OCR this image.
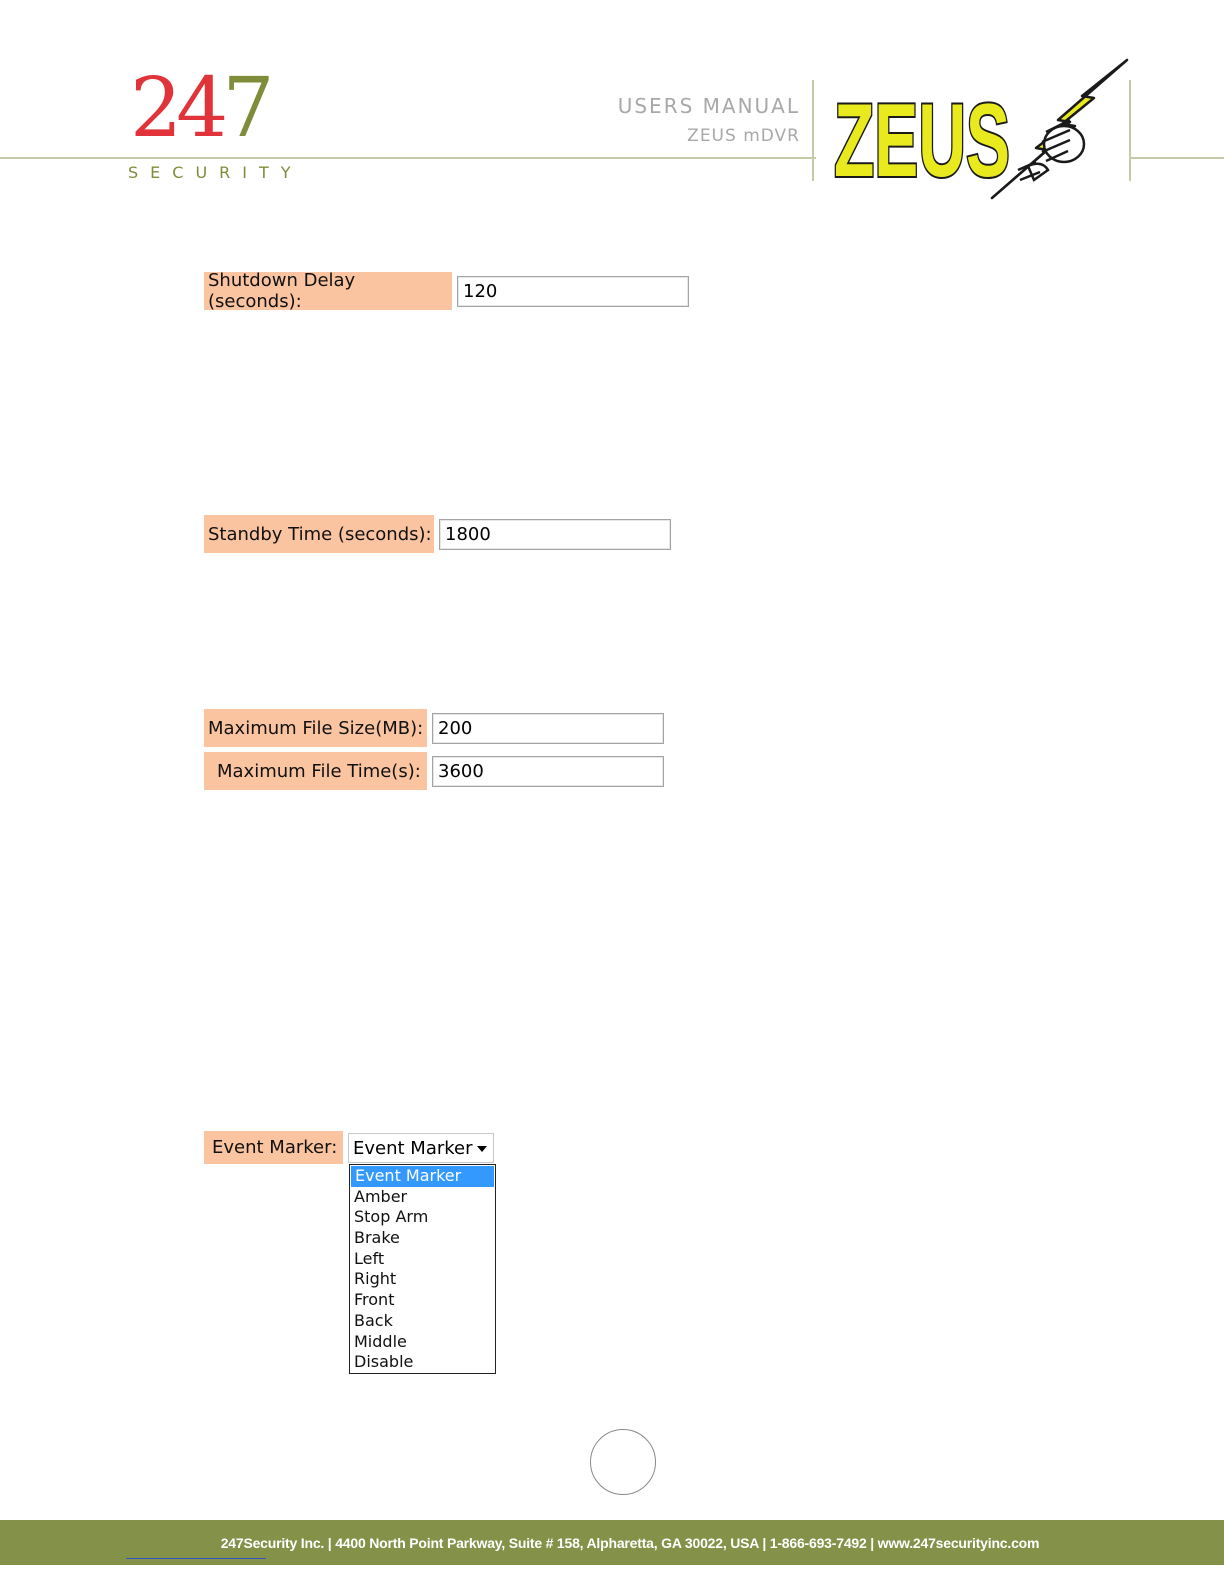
247
SECURITY
USERS MANUAL
ZEUS mDVR ZEUS
Shutdown Delay (seconds):	120
Standby Time (seconds): 1800
Maximum File Size(MB): 200
Maximum File Time(s): 3600
Event Marker: Event Marker
Event Marker
Amber
Stop Arm
Brake
Left
Right
Front
Back
Middle
Disable
247Security Inc. | 4400 North Point Parkway, Suite # 158, Alpharetta, GA 30022, USA | 1-866-693-7492 | www.247securityinc.com
